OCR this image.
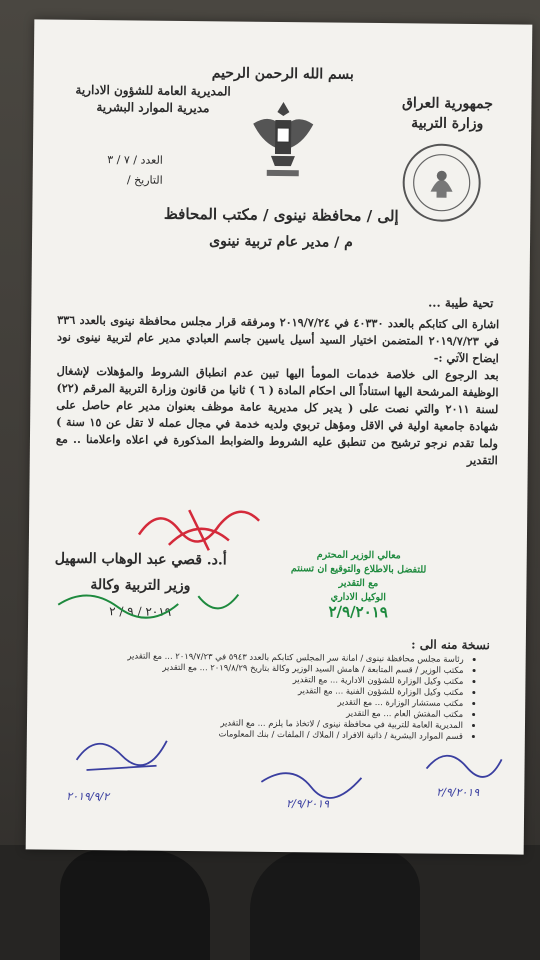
بسم الله الرحمن الرحيم
جمهورية العراق
وزارة التربية
المديرية العامة للشؤون الادارية
مديرية الموارد البشرية
العدد / ٧ / ٣
التاريخ /
إلى / محافظة نينوى / مكتب المحافظ
م / مدير عام تربية نينوى
تحية طيبة ...

اشارة الى كتابكم بالعدد ٤٠٣٣٠ في ٢٠١٩/٧/٢٤ ومرفقه قرار مجلس محافظة نينوى بالعدد ٣٣٦ في ٢٠١٩/٧/٢٣ المتضمن اختيار السيد أسيل ياسين جاسم العبادي مدير عام لتربية نينوى نود ايضاح الآتي :-

بعد الرجوع الى خلاصة خدمات المومأ اليها تبين عدم انطباق الشروط والمؤهلات لإشغال الوظيفة المرشحة اليها استناداً الى احكام المادة ( ٦ ) ثانيا من قانون وزارة التربية المرقم (٢٢) لسنة ٢٠١١ والتي نصت على ( يدير كل مديرية عامة موظف بعنوان مدير عام حاصل على شهادة جامعية اولية في الاقل ومؤهل تربوي ولديه خدمة في مجال عمله لا تقل عن ١٥ سنة ) ولما تقدم نرجو ترشيح من تنطبق عليه الشروط والضوابط المذكورة في اعلاه واعلامنا .. مع التقدير

أ.د. قصي عبد الوهاب السهيل
وزير التربية وكالة
٢٠١٩ / ٩ / ٢
معالي الوزير المحترم
للتفضل بالاطلاع والتوقيع ان تسنتم
مع التقدير
الوكيل الاداري
٢/٩/٢٠١٩
نسخة منه الى :
• رئاسة مجلس محافظة نينوى / امانة سر المجلس كتابكم بالعدد ٥٩٤٣ في ٢٠١٩/٧/٢٣ ... مع التقدير
• مكتب الوزير / قسم المتابعة / هامش السيد الوزير وكالة بتاريخ ٢٠١٩/٨/٢٩ ... مع التقدير
• مكتب وكيل الوزارة للشؤون الادارية ... مع التقدير
• مكتب وكيل الوزارة للشؤون الفنية ... مع التقدير
• مكتب مستشار الوزارة ... مع التقدير
• مكتب المفتش العام ... مع التقدير
• المديرية العامة للتربية في محافظة نينوى / لاتخاذ ما يلزم ... مع التقدير
• قسم الموارد البشرية / ذاتية الافراد / الملاك / الملفات / بنك المعلومات
٢٠١٩/٩/٢
٢/٩/٢٠١٩
٢/٩/٢٠١٩
